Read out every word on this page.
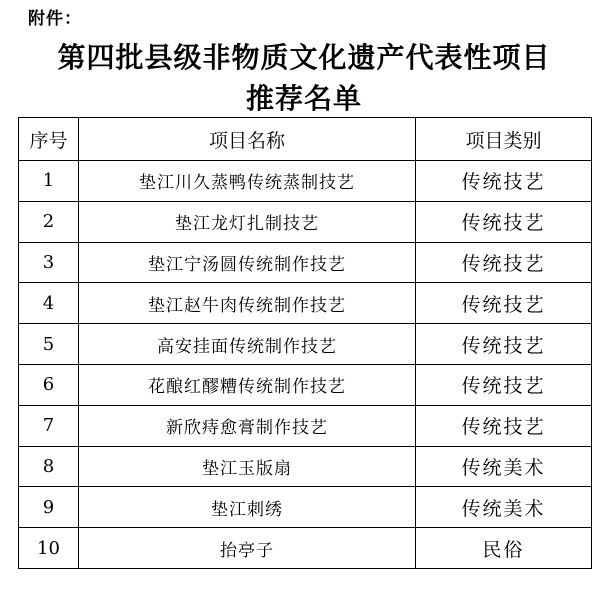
附件：
第四批县级非物质文化遗产代表性项目
推荐名单
序号	项目名称	项目类别
1	垫江川久蒸鸭传统蒸制技艺	传统技艺
2	垫江龙灯扎制技艺	传统技艺
3	垫江宁汤圆传统制作技艺	传统技艺
4	垫江赵牛肉传统制作技艺	传统技艺
5	高安挂面传统制作技艺	传统技艺
6	花酿红醪糟传统制作技艺	传统技艺
7	新欣痔愈膏制作技艺	传统技艺
8	垫江玉版扇	传统美术
9	垫江刺绣	传统美术
10	抬亭子	民俗
